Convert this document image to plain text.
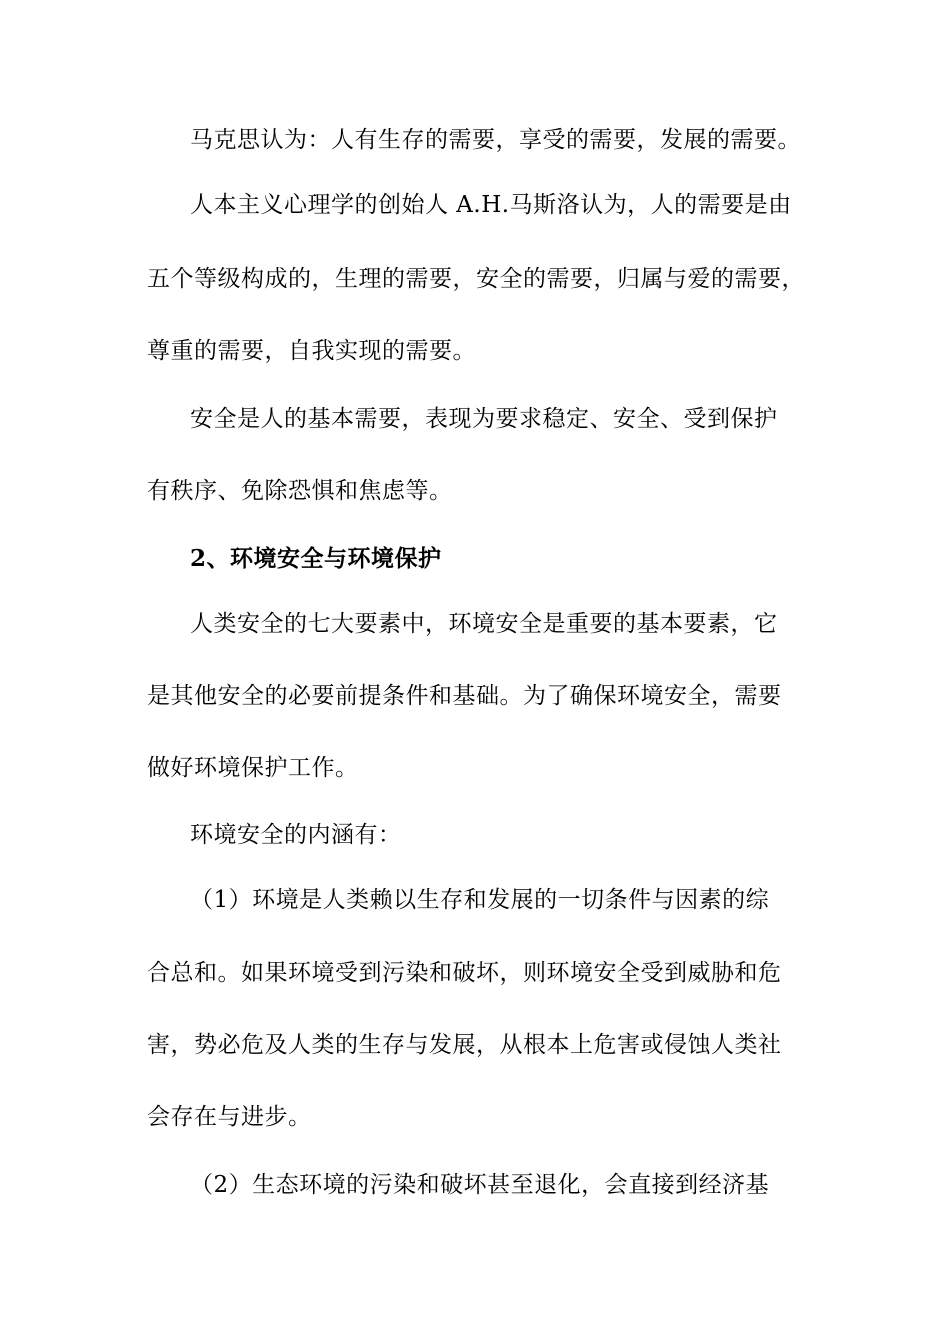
马克思认为：人有生存的需要，享受的需要，发展的需要。
人本主义心理学的创始人 A.H.马斯洛认为，人的需要是由
五个等级构成的，生理的需要，安全的需要，归属与爱的需要，
尊重的需要，自我实现的需要。
安全是人的基本需要，表现为要求稳定、安全、受到保护
有秩序、免除恐惧和焦虑等。
2、环境安全与环境保护
人类安全的七大要素中，环境安全是重要的基本要素，它
是其他安全的必要前提条件和基础。为了确保环境安全，需要
做好环境保护工作。
环境安全的内涵有：
（1）环境是人类赖以生存和发展的一切条件与因素的综
合总和。如果环境受到污染和破坏，则环境安全受到威胁和危
害，势必危及人类的生存与发展，从根本上危害或侵蚀人类社
会存在与进步。
（2）生态环境的污染和破坏甚至退化，会直接到经济基
